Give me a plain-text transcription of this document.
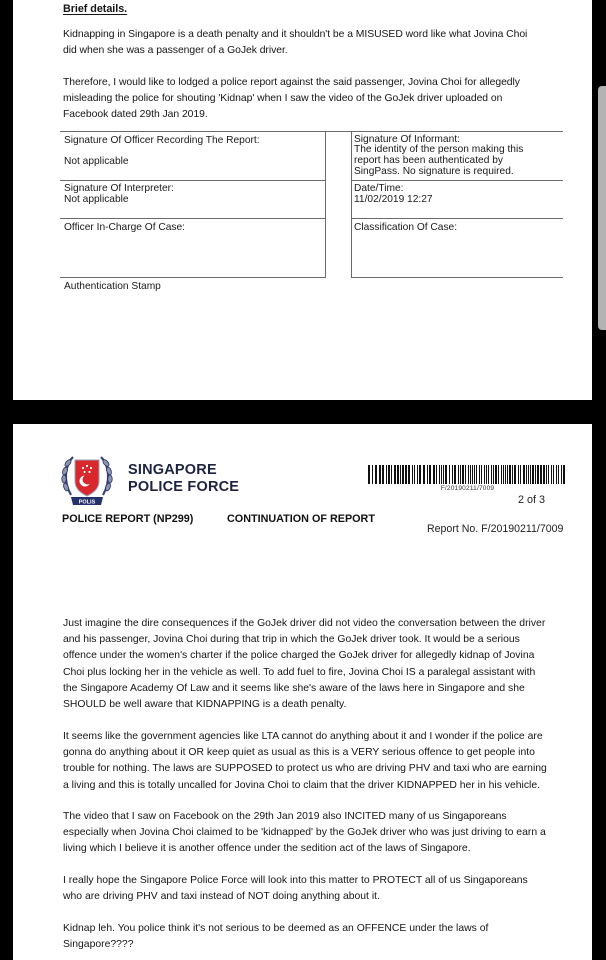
Brief details.
Kidnapping in Singapore is a death penalty and it shouldn't be a MISUSED word like what Jovina Choi
did when she was a passenger of a GoJek driver.
Therefore, I would like to lodged a police report against the said passenger, Jovina Choi for allegedly
misleading the police for shouting 'Kidnap' when I saw the video of the GoJek driver uploaded on
Facebook dated 29th Jan 2019.
Signature Of Officer Recording The Report:
Not applicable
Signature Of Informant:
The identity of the person making this
report has been authenticated by
SingPass. No signature is required.
Signature Of Interpreter:
Not applicable
Date/Time:
11/02/2019 12:27
Officer In-Charge Of Case:	Classification Of Case:
Authentication Stamp
POLIS
SINGAPORE
POLICE FORCE
POLICE REPORT (NP299)	CONTINUATION OF REPORT
F/20190211/7009
2 of 3
Report No. F/20190211/7009
Just imagine the dire consequences if the GoJek driver did not video the conversation between the driver
and his passenger, Jovina Choi during that trip in which the GoJek driver took. It would be a serious
offence under the women's charter if the police charged the GoJek driver for allegedly kidnap of Jovina
Choi plus locking her in the vehicle as well. To add fuel to fire, Jovina Choi IS a paralegal assistant with
the Singapore Academy Of Law and it seems like she's aware of the laws here in Singapore and she
SHOULD be well aware that KIDNAPPING is a death penalty.
It seems like the government agencies like LTA cannot do anything about it and I wonder if the police are
gonna do anything about it OR keep quiet as usual as this is a VERY serious offence to get people into
trouble for nothing. The laws are SUPPOSED to protect us who are driving PHV and taxi who are earning
a living and this is totally uncalled for Jovina Choi to claim that the driver KIDNAPPED her in his vehicle.
The video that I saw on Facebook on the 29th Jan 2019 also INCITED many of us Singaporeans
especially when Jovina Choi claimed to be 'kidnapped' by the GoJek driver who was just driving to earn a
living which I believe it is another offence under the sedition act of the laws of Singapore.
I really hope the Singapore Police Force will look into this matter to PROTECT all of us Singaporeans
who are driving PHV and taxi instead of NOT doing anything about it.
Kidnap leh. You police think it's not serious to be deemed as an OFFENCE under the laws of
Singapore????
